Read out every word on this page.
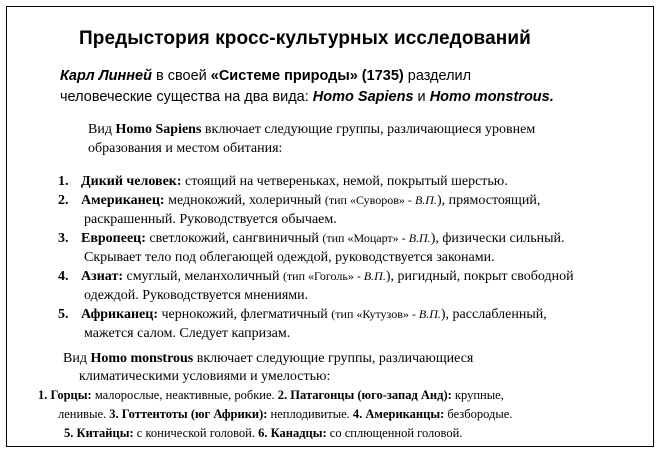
Предыстория кросс-культурных исследований
Карл Линней в своей «Системе природы» (1735) разделил
человеческие существа на два вида: Homo Sapiens и Homo monstrous.
Вид Homo Sapiens включает следующие группы, различающиеся уровнем
образования и местом обитания:
1. Дикий человек: стоящий на четвереньках, немой, покрытый шерстью.
2. Американец: меднокожий, холеричный (тип «Суворов» - В.П.), прямостоящий,
раскрашенный. Руководствуется обычаем.
3. Европеец: светлокожий, сангвиничный (тип «Моцарт» - В.П.), физически сильный.
Скрывает тело под облегающей одеждой, руководствуется законами.
4. Азиат: смуглый, меланхоличный (тип «Гоголь» - В.П.), ригидный, покрыт свободной
одеждой. Руководствуется мнениями.
5. Африканец: чернокожий, флегматичный (тип «Кутузов» - В.П.), расслабленный,
мажется салом. Следует капризам.
Вид Homo monstrous включает следующие группы, различающиеся
климатическими условиями и умелостью:
1. Горцы: малорослые, неактивные, робкие. 2. Патагонцы (юго-запад Анд): крупные,
ленивые. 3. Готтентоты (юг Африки): неплодивитые. 4. Американцы: безбородые.
5. Китайцы: с конической головой. 6. Канадцы: со сплющенной головой.
